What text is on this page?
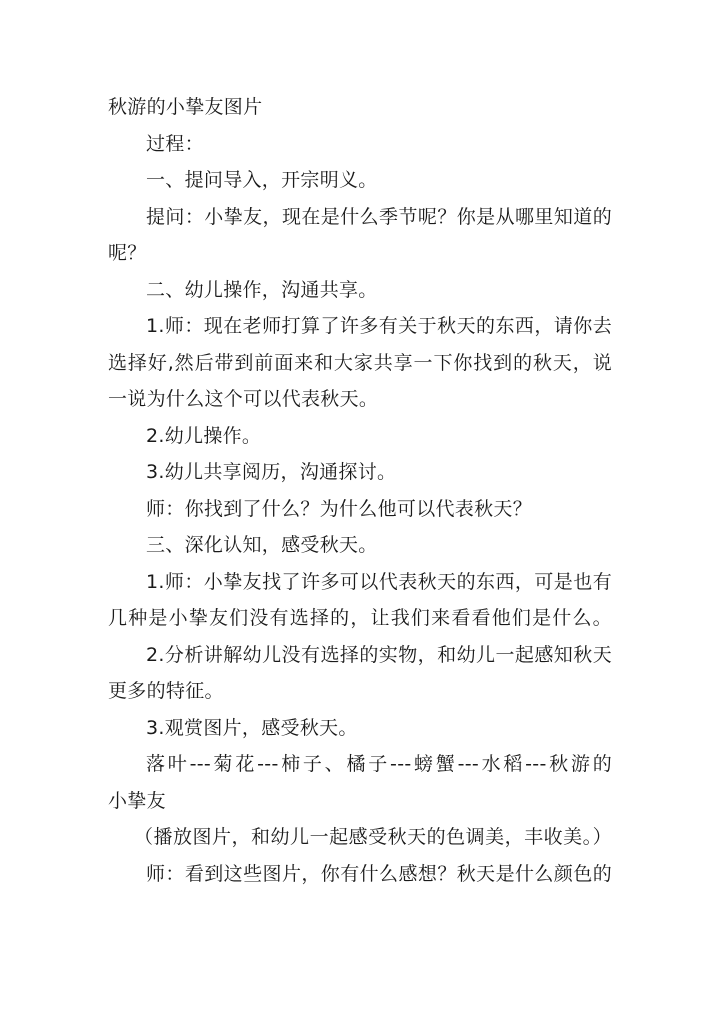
秋游的小挚友图片
过程：
一、提问导入，开宗明义。
提问：小挚友，现在是什么季节呢？你是从哪里知道的
呢？
二、幼儿操作，沟通共享。
1.师：现在老师打算了许多有关于秋天的东西，请你去
选择好,然后带到前面来和大家共享一下你找到的秋天，说
一说为什么这个可以代表秋天。
2.幼儿操作。
3.幼儿共享阅历，沟通探讨。
师：你找到了什么？为什么他可以代表秋天？
三、深化认知，感受秋天。
1.师：小挚友找了许多可以代表秋天的东西，可是也有
几种是小挚友们没有选择的，让我们来看看他们是什么。
2.分析讲解幼儿没有选择的实物，和幼儿一起感知秋天
更多的特征。
3.观赏图片，感受秋天。
落叶---菊花---柿子、橘子---螃蟹---水稻---秋游的
小挚友
（播放图片，和幼儿一起感受秋天的色调美，丰收美。）
师：看到这些图片，你有什么感想？秋天是什么颜色的
